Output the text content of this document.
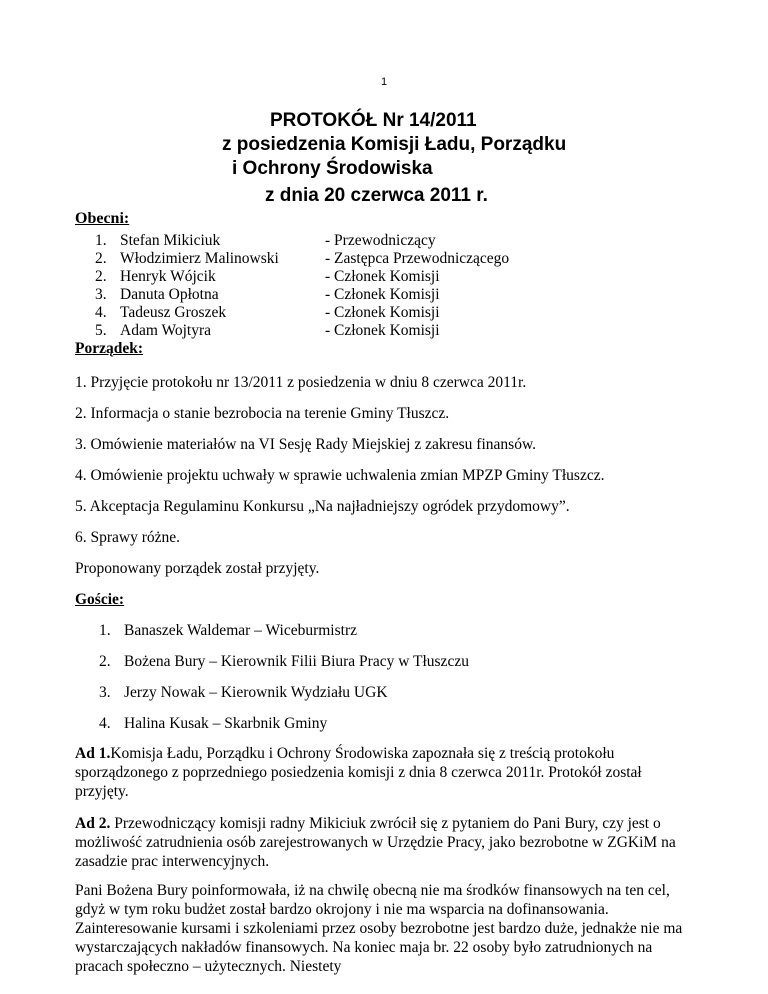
1
PROTOKÓŁ Nr 14/2011
z posiedzenia Komisji Ładu, Porządku
i Ochrony Środowiska
z dnia 20 czerwca 2011 r.
Obecni:
1. Stefan Mikiciuk	- Przewodniczący
2. Włodzimierz Malinowski	- Zastępca Przewodniczącego
2. Henryk Wójcik	- Członek Komisji
3. Danuta Opłotna	- Członek Komisji
4. Tadeusz Groszek	- Członek Komisji
5. Adam Wojtyra	- Członek Komisji
Porządek:
1. Przyjęcie protokołu nr 13/2011 z posiedzenia w dniu 8 czerwca 2011r.
2. Informacja o stanie bezrobocia na terenie Gminy Tłuszcz.
3. Omówienie materiałów na VI Sesję Rady Miejskiej z zakresu finansów.
4. Omówienie projektu uchwały w sprawie uchwalenia zmian MPZP Gminy Tłuszcz.
5. Akceptacja Regulaminu Konkursu „Na najładniejszy ogródek przydomowy”.
6. Sprawy różne.
Proponowany porządek został przyjęty.
Goście:
1. Banaszek Waldemar – Wiceburmistrz
2. Bożena Bury – Kierownik Filii Biura Pracy w Tłuszczu
3. Jerzy Nowak – Kierownik Wydziału UGK
4. Halina Kusak – Skarbnik Gminy
Ad 1.Komisja Ładu, Porządku i Ochrony Środowiska zapoznała się z treścią protokołu sporządzonego z poprzedniego posiedzenia komisji z dnia 8 czerwca 2011r. Protokół został przyjęty.
Ad 2. Przewodniczący komisji radny Mikiciuk zwrócił się z pytaniem do Pani Bury, czy jest o możliwość zatrudnienia osób zarejestrowanych w Urzędzie Pracy, jako bezrobotne w ZGKiM na zasadzie prac interwencyjnych.
Pani Bożena Bury poinformowała, iż na chwilę obecną nie ma środków finansowych na ten cel, gdyż w tym roku budżet został bardzo okrojony i nie ma wsparcia na dofinansowania. Zainteresowanie kursami i szkoleniami przez osoby bezrobotne jest bardzo duże, jednakże nie ma wystarczających nakładów finansowych. Na koniec maja br. 22 osoby było zatrudnionych na pracach społeczno – użytecznych. Niestety
